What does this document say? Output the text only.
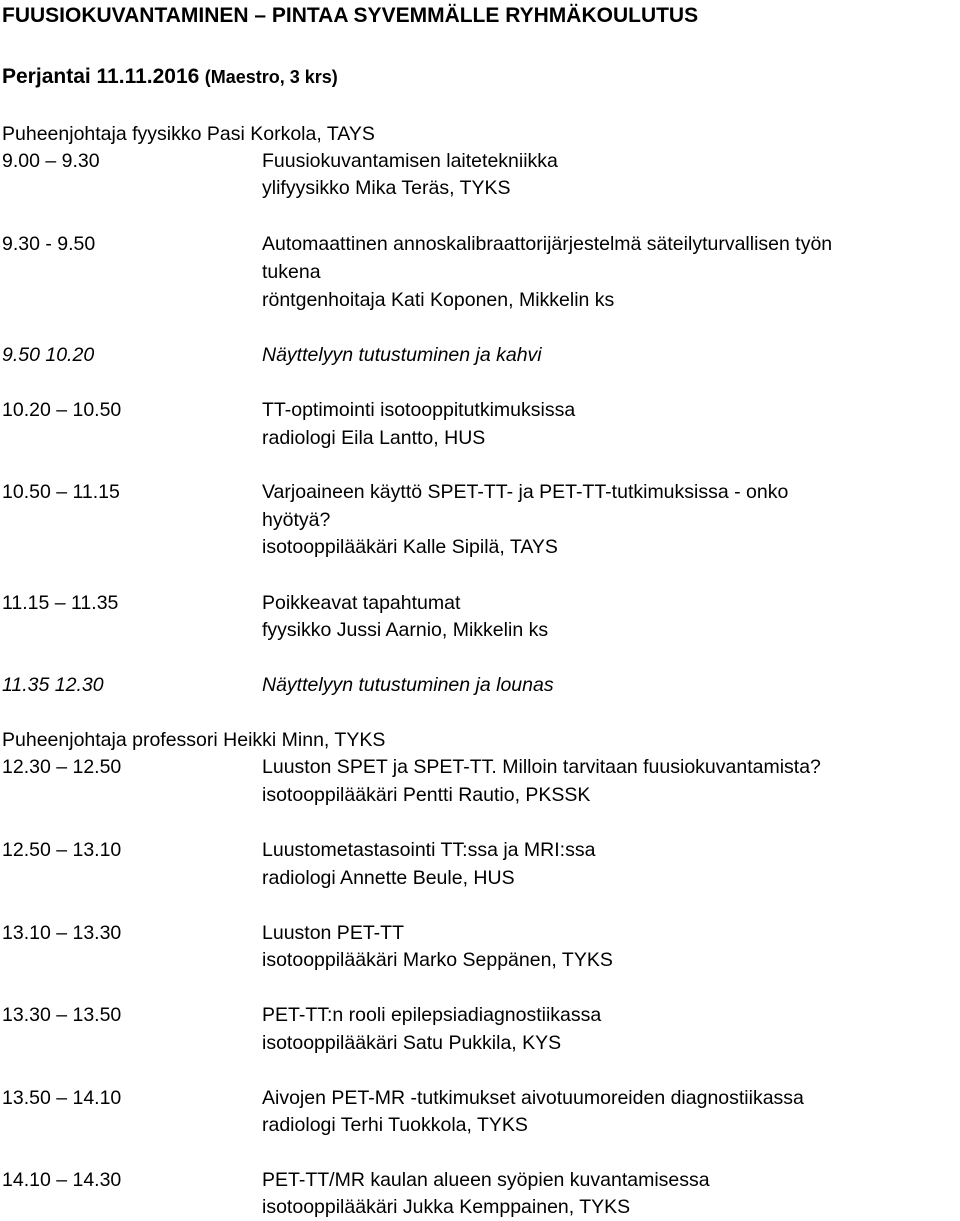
FUUSIOKUVANTAMINEN – PINTAA SYVEMMÄLLE RYHMÄKOULUTUS
Perjantai 11.11.2016 (Maestro, 3 krs)
Puheenjohtaja fyysikko Pasi Korkola, TAYS
9.00 – 9.30	Fuusiokuvantamisen laitetekniikka
ylifyysikko Mika Teräs, TYKS
9.30 - 9.50	Automaattinen annoskalibraattorijärjestelmä säteilyturvallisen työn
tukena
röntgenhoitaja Kati Koponen, Mikkelin ks
9.50 10.20	Näyttelyyn tutustuminen ja kahvi
10.20 – 10.50	TT-optimointi isotooppitutkimuksissa
radiologi Eila Lantto, HUS
10.50 – 11.15	Varjoaineen käyttö SPET-TT- ja PET-TT-tutkimuksissa - onko
hyötyä?
isotooppilääkäri Kalle Sipilä, TAYS
11.15 – 11.35	Poikkeavat tapahtumat
fyysikko Jussi Aarnio, Mikkelin ks
11.35 12.30	Näyttelyyn tutustuminen ja lounas
Puheenjohtaja professori Heikki Minn, TYKS
12.30 – 12.50	Luuston SPET ja SPET-TT. Milloin tarvitaan fuusiokuvantamista?
isotooppilääkäri Pentti Rautio, PKSSK
12.50 – 13.10	Luustometastasointi TT:ssa ja MRI:ssa
radiologi Annette Beule, HUS
13.10 – 13.30	Luuston PET-TT
isotooppilääkäri Marko Seppänen, TYKS
13.30 – 13.50	PET-TT:n rooli epilepsiadiagnostiikassa
isotooppilääkäri Satu Pukkila, KYS
13.50 – 14.10	Aivojen PET-MR -tutkimukset aivotuumoreiden diagnostiikassa
radiologi Terhi Tuokkola, TYKS
14.10 – 14.30	PET-TT/MR kaulan alueen syöpien kuvantamisessa
isotooppilääkäri Jukka Kemppainen, TYKS
